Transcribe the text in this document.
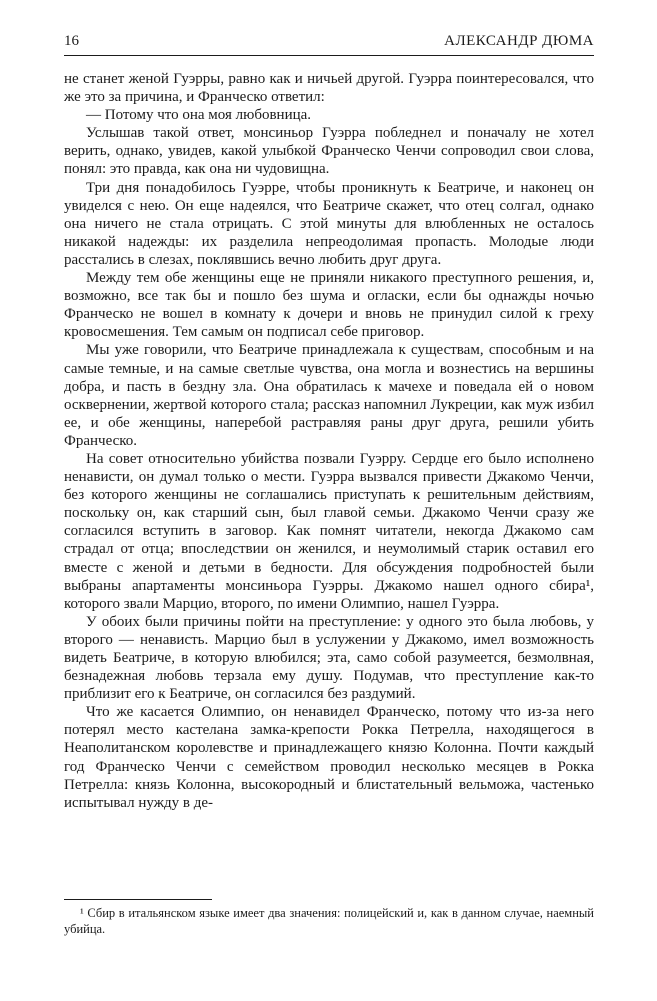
16	АЛЕКСАНДР ДЮМА

не станет женой Гуэрры, равно как и ничьей другой. Гуэрра поинтересовался, что же это за причина, и Франческо ответил:

— Потому что она моя любовница.

Услышав такой ответ, монсиньор Гуэрра побледнел и поначалу не хотел верить, однако, увидев, какой улыбкой Франческо Ченчи сопроводил свои слова, понял: это правда, как она ни чудовищна.

Три дня понадобилось Гуэрре, чтобы проникнуть к Беатриче, и наконец он увиделся с нею. Он еще надеялся, что Беатриче скажет, что отец солгал, однако она ничего не стала отрицать. С этой минуты для влюбленных не осталось никакой надежды: их разделила непреодолимая пропасть. Молодые люди расстались в слезах, поклявшись вечно любить друг друга.

Между тем обе женщины еще не приняли никакого преступного решения, и, возможно, все так бы и пошло без шума и огласки, если бы однажды ночью Франческо не вошел в комнату к дочери и вновь не принудил силой к греху кровосмешения. Тем самым он подписал себе приговор.

Мы уже говорили, что Беатриче принадлежала к существам, способным и на самые темные, и на самые светлые чувства, она могла и вознестись на вершины добра, и пасть в бездну зла. Она обратилась к мачехе и поведала ей о новом осквернении, жертвой которого стала; рассказ напомнил Лукреции, как муж избил ее, и обе женщины, наперебой растравляя раны друг друга, решили убить Франческо.

На совет относительно убийства позвали Гуэрру. Сердце его было исполнено ненависти, он думал только о мести. Гуэрра вызвался привести Джакомо Ченчи, без которого женщины не соглашались приступать к решительным действиям, поскольку он, как старший сын, был главой семьи. Джакомо Ченчи сразу же согласился вступить в заговор. Как помнят читатели, некогда Джакомо сам страдал от отца; впоследствии он женился, и неумолимый старик оставил его вместе с женой и детьми в бедности. Для обсуждения подробностей были выбраны апартаменты монсиньора Гуэрры. Джакомо нашел одного сбира¹, которого звали Марцио, второго, по имени Олимпио, нашел Гуэрра.

У обоих были причины пойти на преступление: у одного это была любовь, у второго — ненависть. Марцио был в услужении у Джакомо, имел возможность видеть Беатриче, в которую влюбился; эта, само собой разумеется, безмолвная, безнадежная любовь терзала ему душу. Подумав, что преступление как-то приблизит его к Беатриче, он согласился без раздумий.

Что же касается Олимпио, он ненавидел Франческо, потому что из-за него потерял место кастелана замка-крепости Рокка Петрелла, находящегося в Неаполитанском королевстве и принадлежащего князю Колонна. Почти каждый год Франческо Ченчи с семейством проводил несколько месяцев в Рокка Петрелла: князь Колонна, высокородный и блистательный вельможа, частенько испытывал нужду в де-

¹ Сбир в итальянском языке имеет два значения: полицейский и, как в данном случае, наемный убийца.
